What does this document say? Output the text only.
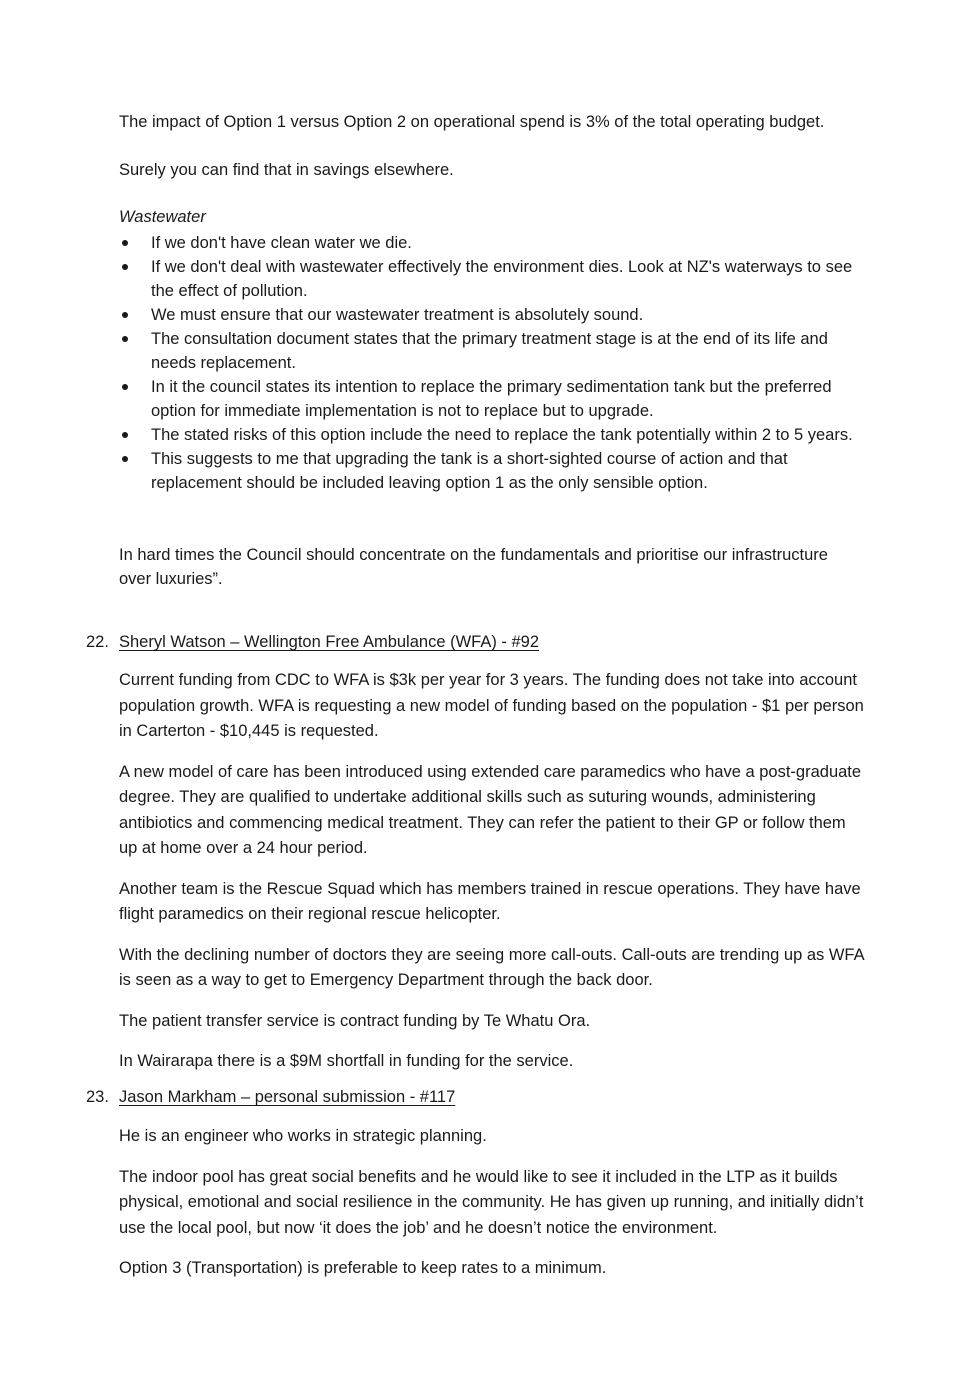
The impact of Option 1 versus Option 2 on operational spend is 3% of the total operating budget.

Surely you can find that in savings elsewhere.

Wastewater

If we don't have clean water we die.
If we don't deal with wastewater effectively the environment dies. Look at NZ's waterways to see the effect of pollution.
We must ensure that our wastewater treatment is absolutely sound.
The consultation document states that the primary treatment stage is at the end of its life and needs replacement.
In it the council states its intention to replace the primary sedimentation tank but the preferred option for immediate implementation is not to replace but to upgrade.
The stated risks of this option include the need to replace the tank potentially within 2 to 5 years.
This suggests to me that upgrading the tank is a short-sighted course of action and that replacement should be included leaving option 1 as the only sensible option.

In hard times the Council should concentrate on the fundamentals and prioritise our infrastructure over luxuries”.

22. Sheryl Watson – Wellington Free Ambulance (WFA) - #92

Current funding from CDC to WFA is $3k per year for 3 years. The funding does not take into account population growth. WFA is requesting a new model of funding based on the population - $1 per person in Carterton - $10,445 is requested.

A new model of care has been introduced using extended care paramedics who have a post-graduate degree. They are qualified to undertake additional skills such as suturing wounds, administering antibiotics and commencing medical treatment. They can refer the patient to their GP or follow them up at home over a 24 hour period.

Another team is the Rescue Squad which has members trained in rescue operations. They have have flight paramedics on their regional rescue helicopter.

With the declining number of doctors they are seeing more call-outs. Call-outs are trending up as WFA is seen as a way to get to Emergency Department through the back door.

The patient transfer service is contract funding by Te Whatu Ora.

In Wairarapa there is a $9M shortfall in funding for the service.

23. Jason Markham – personal submission - #117

He is an engineer who works in strategic planning.

The indoor pool has great social benefits and he would like to see it included in the LTP as it builds physical, emotional and social resilience in the community. He has given up running, and initially didn’t use the local pool, but now ‘it does the job’ and he doesn’t notice the environment.

Option 3 (Transportation) is preferable to keep rates to a minimum.
